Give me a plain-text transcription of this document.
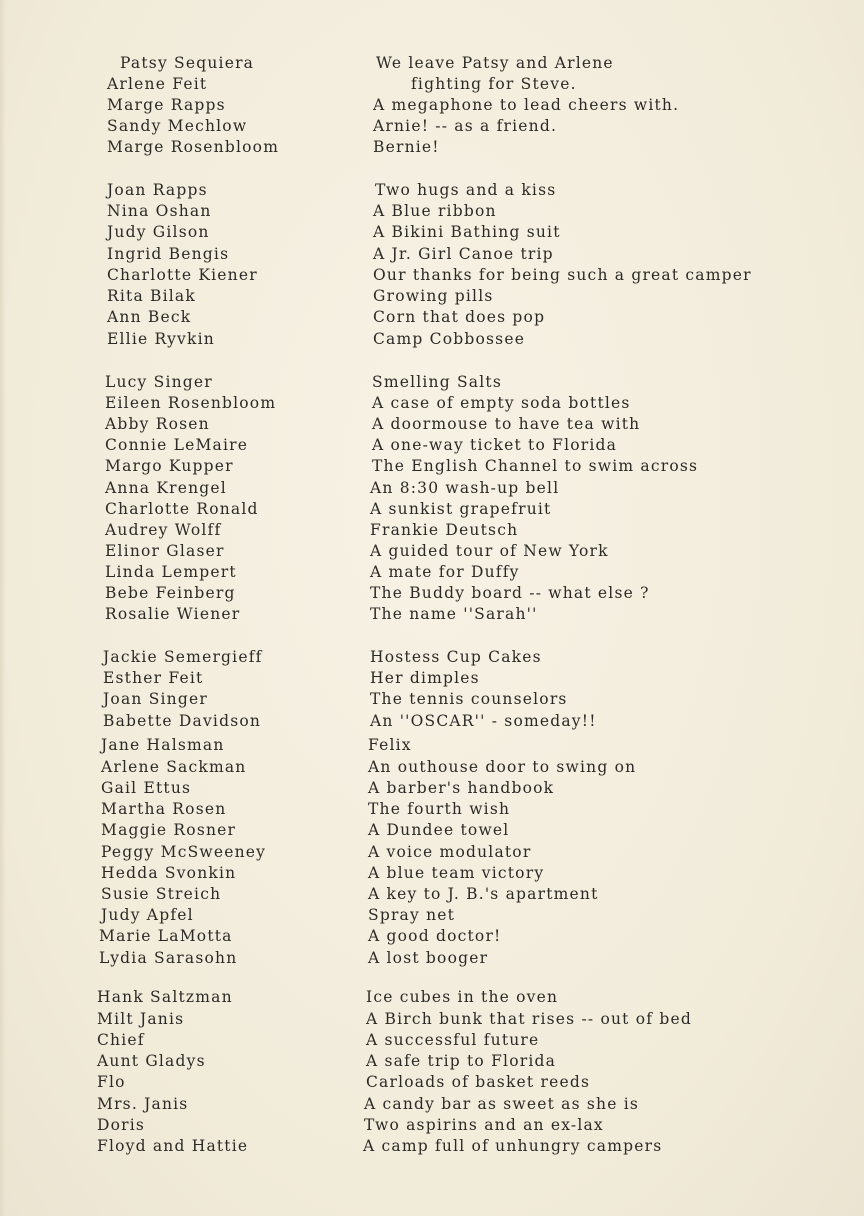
Patsy Sequiera	We leave Patsy and Arlene
Arlene Feit	fighting for Steve.
Marge Rapps	A megaphone to lead cheers with.
Sandy Mechlow	Arnie! -- as a friend.
Marge Rosenbloom	Bernie!
Joan Rapps	Two hugs and a kiss
Nina Oshan	A Blue ribbon
Judy Gilson	A Bikini Bathing suit
Ingrid Bengis	A Jr. Girl Canoe trip
Charlotte Kiener	Our thanks for being such a great camper
Rita Bilak	Growing pills
Ann Beck	Corn that does pop
Ellie Ryvkin	Camp Cobbossee
Lucy Singer	Smelling Salts
Eileen Rosenbloom	A case of empty soda bottles
Abby Rosen	A doormouse to have tea with
Connie LeMaire	A one-way ticket to Florida
Margo Kupper	The English Channel to swim across
Anna Krengel	An 8:30 wash-up bell
Charlotte Ronald	A sunkist grapefruit
Audrey Wolff	Frankie Deutsch
Elinor Glaser	A guided tour of New York
Linda Lempert	A mate for Duffy
Bebe Feinberg	The Buddy board -- what else ?
Rosalie Wiener	The name ''Sarah''
Jackie Semergieff	Hostess Cup Cakes
Esther Feit	Her dimples
Joan Singer	The tennis counselors
Babette Davidson	An ''OSCAR'' - someday!!
Jane Halsman	Felix
Arlene Sackman	An outhouse door to swing on
Gail Ettus	A barber's handbook
Martha Rosen	The fourth wish
Maggie Rosner	A Dundee towel
Peggy McSweeney	A voice modulator
Hedda Svonkin	A blue team victory
Susie Streich	A key to J. B.'s apartment
Judy Apfel	Spray net
Marie LaMotta	A good doctor!
Lydia Sarasohn	A lost booger
Hank Saltzman	Ice cubes in the oven
Milt Janis	A Birch bunk that rises -- out of bed
Chief	A successful future
Aunt Gladys	A safe trip to Florida
Flo	Carloads of basket reeds
Mrs. Janis	A candy bar as sweet as she is
Doris	Two aspirins and an ex-lax
Floyd and Hattie	A camp full of unhungry campers
